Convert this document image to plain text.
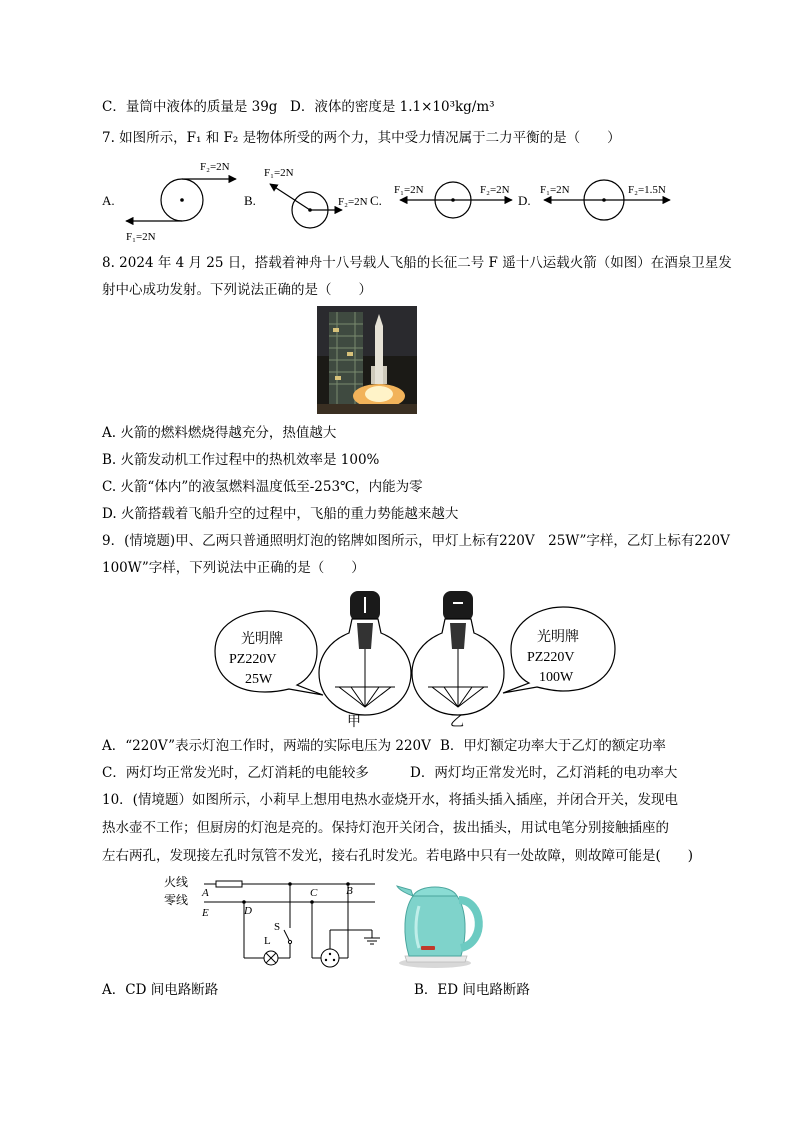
C．量筒中液体的质量是 39g D．液体的密度是 1.1×10³kg/m³
7. 如图所示，F₁ 和 F₂ 是物体所受的两个力，其中受力情况属于二力平衡的是（　　）
A.
F₂=2N
F₁=2N
B.
F₁=2N
F₂=2N C.
F₁=2N	F₂=2N
D.
F₁=2N	F₂=1.5N
8. 2024 年 4 月 25 日，搭载着神舟十八号载人飞船的长征二号 F 遥十八运载火箭（如图）在酒泉卫星发
射中心成功发射。下列说法正确的是（　　）
A. 火箭的燃料燃烧得越充分，热值越大
B. 火箭发动机工作过程中的热机效率是 100%
C. 火箭“体内”的液氢燃料温度低至-253℃，内能为零
D. 火箭搭载着飞船升空的过程中，飞船的重力势能越来越大
9．(情境题)甲、乙两只普通照明灯泡的铭牌如图所示，甲灯上标有220V　25W”字样，乙灯上标有220V
100W”字样，下列说法中正确的是（　　）
光明牌
PZ220V
25W
甲	乙
光明牌
PZ220V
100W
A．“220V”表示灯泡工作时，两端的实际电压为 220V B．甲灯额定功率大于乙灯的额定功率
C．两灯均正常发光时，乙灯消耗的电能较多	D．两灯均正常发光时，乙灯消耗的电功率大
10．(情境题）如图所示，小莉早上想用电热水壶烧开水，将插头插入插座，并闭合开关，发现电
热水壶不工作；但厨房的灯泡是亮的。保持灯泡开关闭合，拔出插头，用试电笔分别接触插座的
左右两孔，发现接左孔时氖管不发光，接右孔时发光。若电路中只有一处故障，则故障可能是(　　)
火线
零线 A
E	D
L
S
C	B
A．CD 间电路断路	B．ED 间电路断路
